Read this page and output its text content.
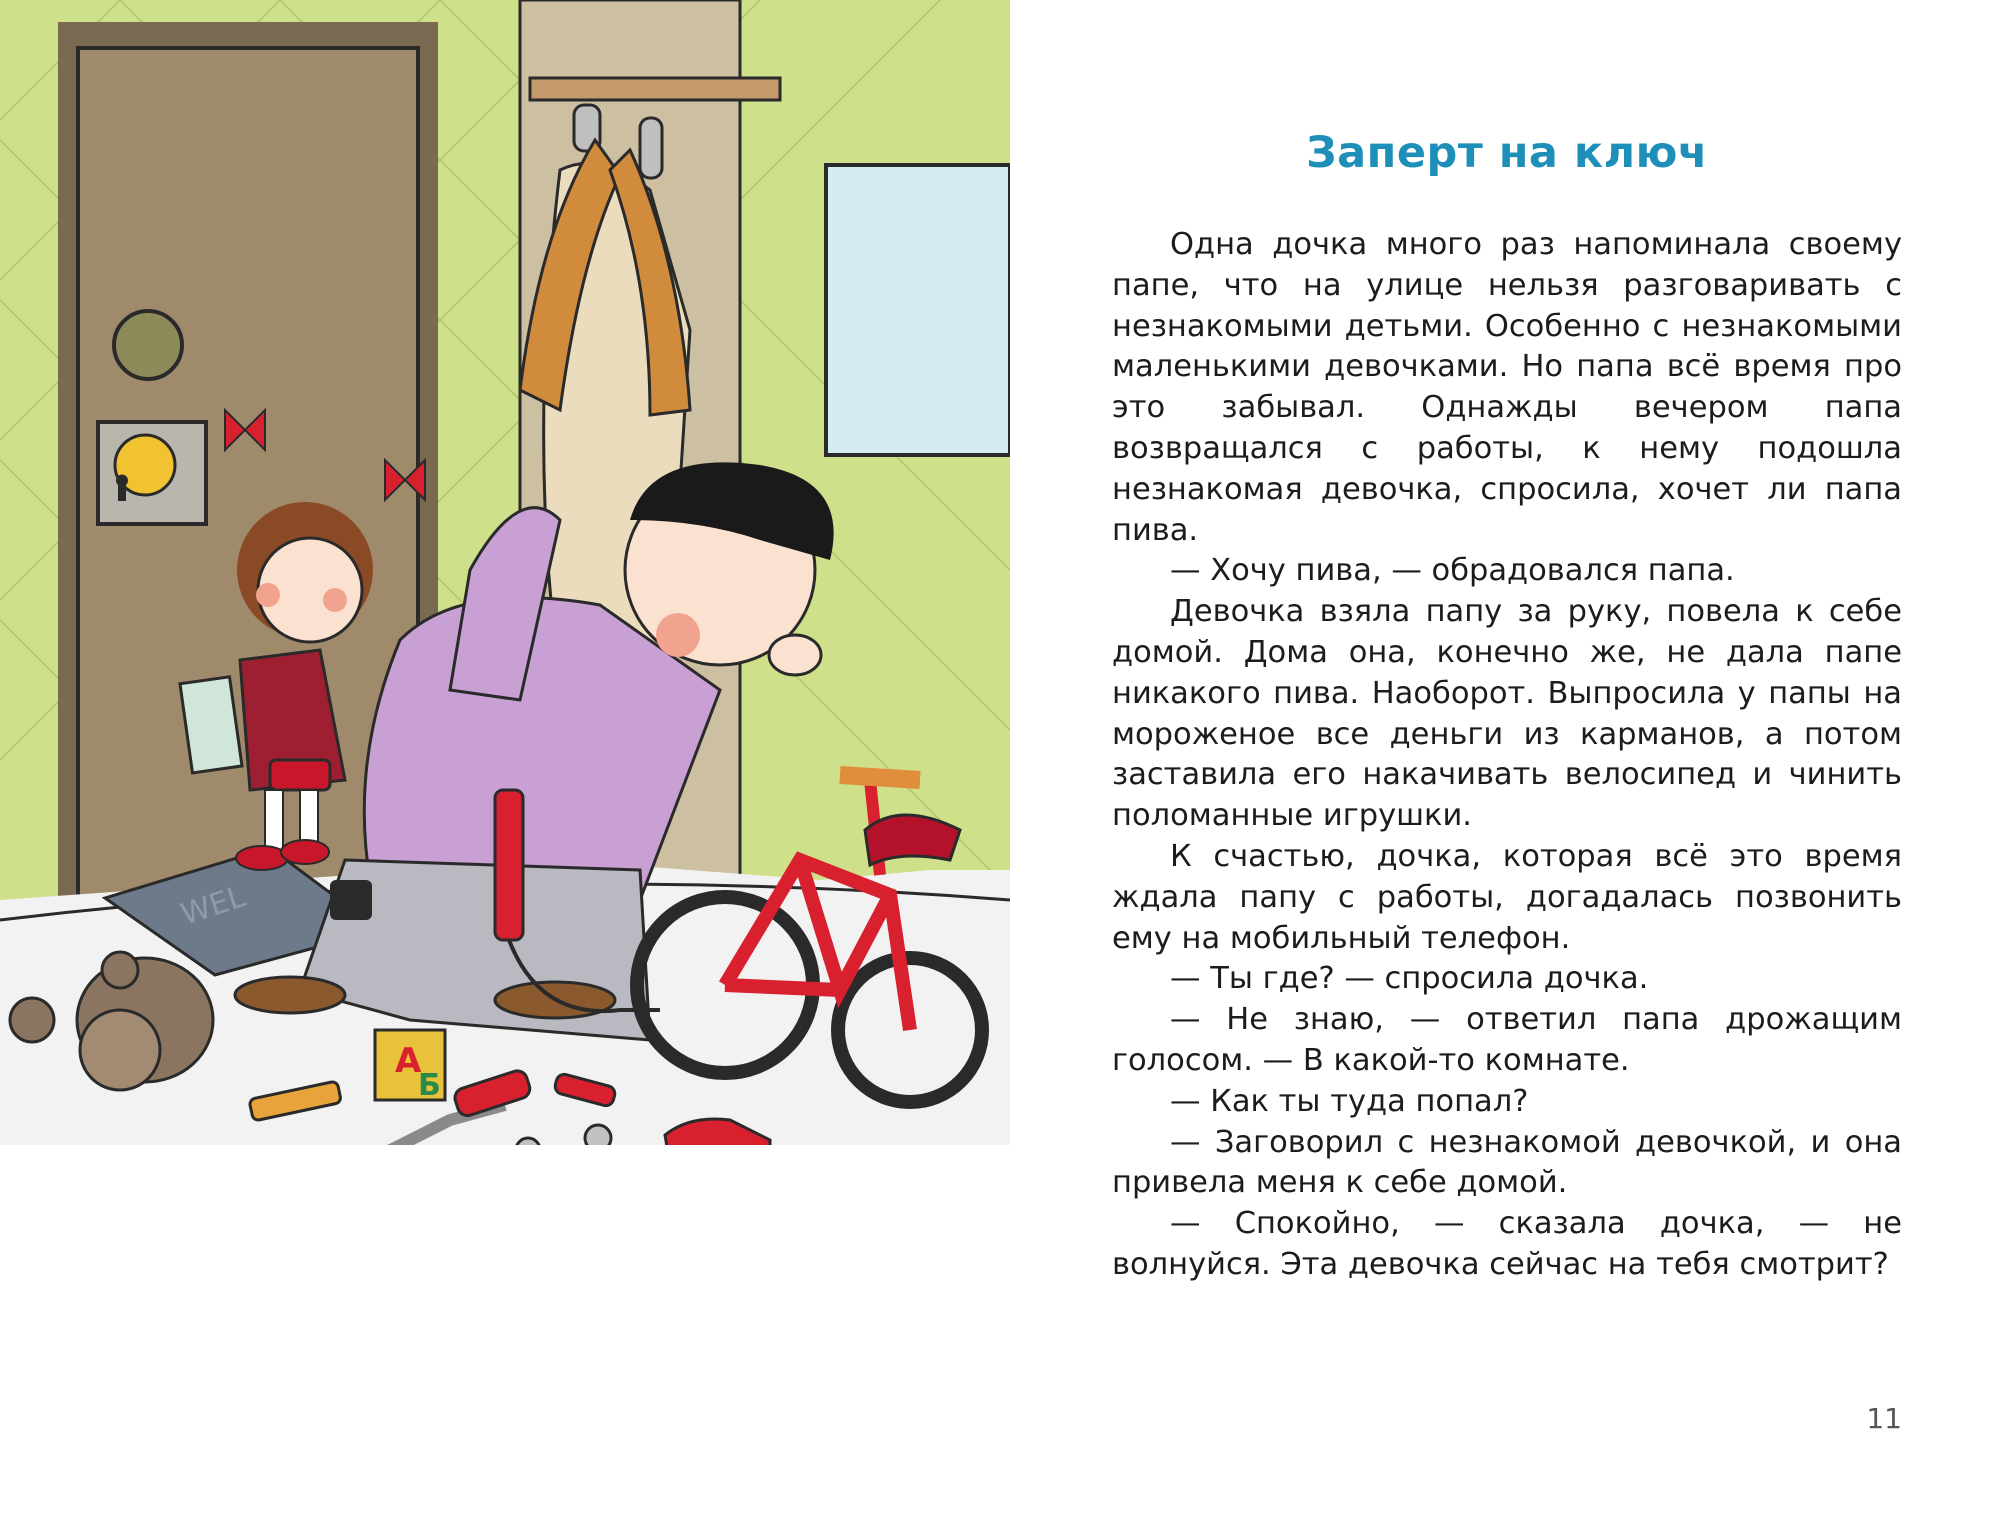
WEL
А
Б
Заперт на ключ

Одна дочка много раз напоминала своему папе, что на улице нельзя разговаривать с незнакомыми детьми. Особенно с незнакомыми маленькими девочками. Но папа всё время про это забывал. Однажды вечером папа возвращался с работы, к нему подошла незнакомая девочка, спросила, хочет ли папа пива.

— Хочу пива, — обрадовался папа.

Девочка взяла папу за руку, повела к себе домой. Дома она, конечно же, не дала папе никакого пива. Наоборот. Выпросила у папы на мороженое все деньги из карманов, а потом заставила его накачивать велосипед и чинить поломанные игрушки.

К счастью, дочка, которая всё это время ждала папу с работы, догадалась позвонить ему на мобильный телефон.

— Ты где? — спросила дочка.

— Не знаю, — ответил папа дрожащим голосом. — В какой-то комнате.

— Как ты туда попал?

— Заговорил с незнакомой девочкой, и она привела меня к себе домой.

— Спокойно, — сказала дочка, — не волнуйся. Эта девочка сейчас на тебя смотрит?

11
